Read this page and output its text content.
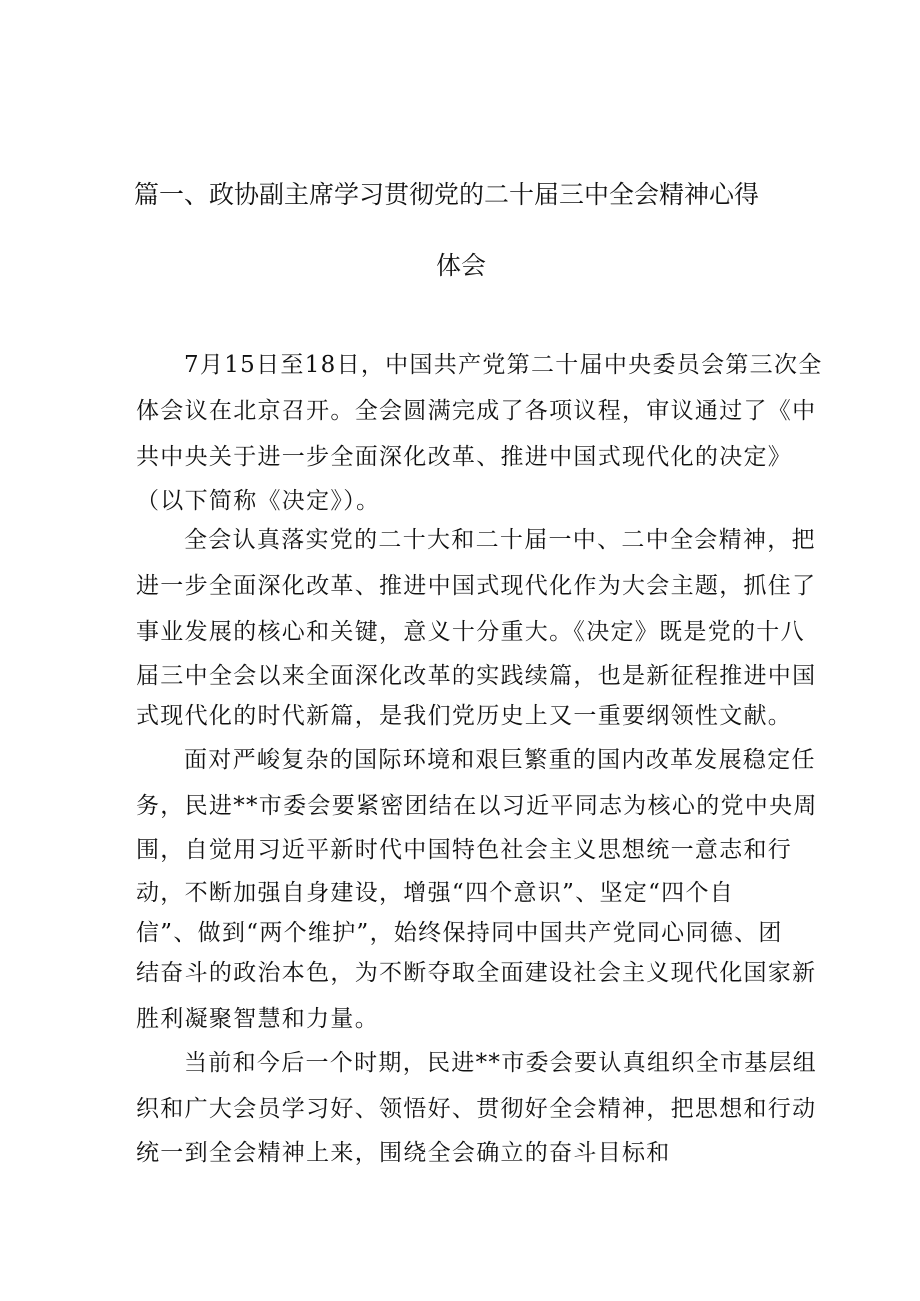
篇一、政协副主席学习贯彻党的二十届三中全会精神心得
体会
7月15日至18日，中国共产党第二十届中央委员会第三次全
体会议在北京召开。全会圆满完成了各项议程，审议通过了《中
共中央关于进一步全面深化改革、推进中国式现代化的决定》
（以下简称《决定》）。
全会认真落实党的二十大和二十届一中、二中全会精神，把
进一步全面深化改革、推进中国式现代化作为大会主题，抓住了
事业发展的核心和关键，意义十分重大。《决定》既是党的十八
届三中全会以来全面深化改革的实践续篇，也是新征程推进中国
式现代化的时代新篇，是我们党历史上又一重要纲领性文献。
面对严峻复杂的国际环境和艰巨繁重的国内改革发展稳定任
务，民进**市委会要紧密团结在以习近平同志为核心的党中央周
围，自觉用习近平新时代中国特色社会主义思想统一意志和行
动，不断加强自身建设，增强“四个意识”、坚定“四个自
信”、做到“两个维护”，始终保持同中国共产党同心同德、团
结奋斗的政治本色，为不断夺取全面建设社会主义现代化国家新
胜利凝聚智慧和力量。
当前和今后一个时期，民进**市委会要认真组织全市基层组
织和广大会员学习好、领悟好、贯彻好全会精神，把思想和行动
统一到全会精神上来，围绕全会确立的奋斗目标和
